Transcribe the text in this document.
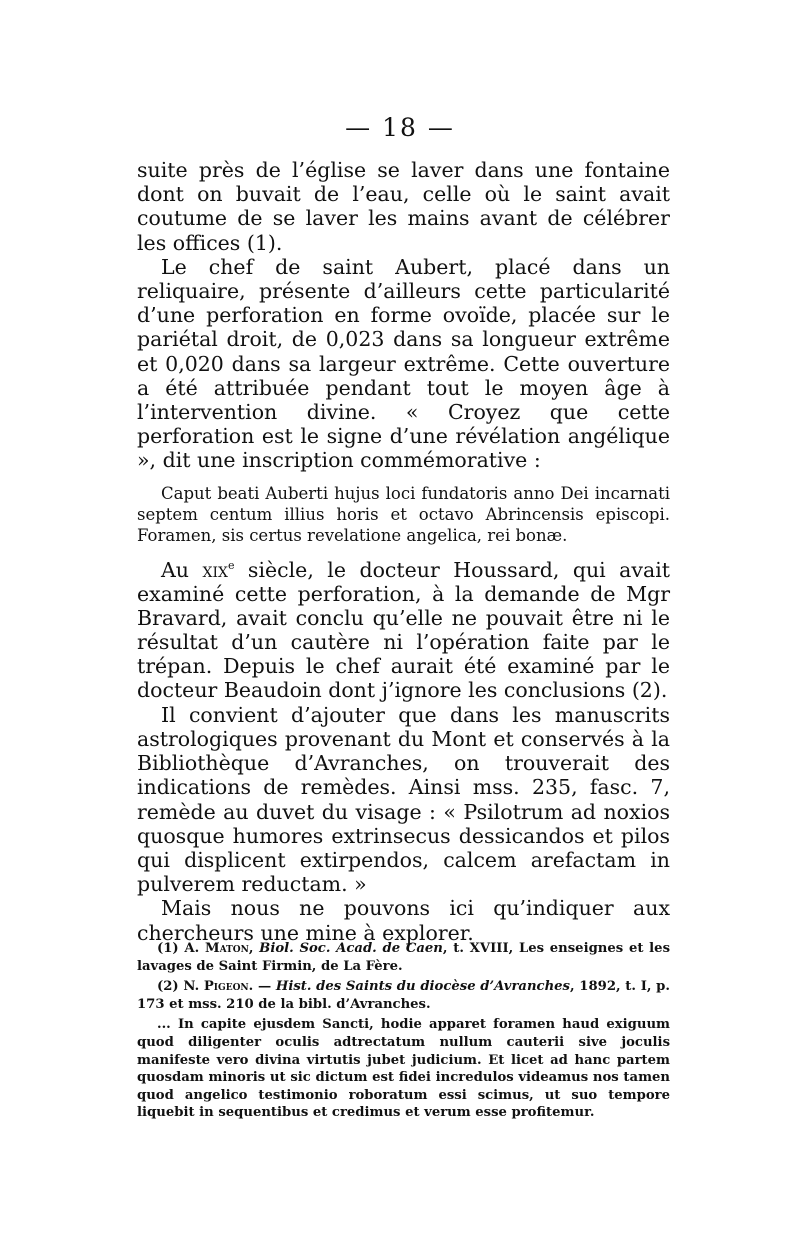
— 18 —

suite près de l’église se laver dans une fontaine dont on buvait de l’eau, celle où le saint avait coutume de se laver les mains avant de célébrer les offices (1).

Le chef de saint Aubert, placé dans un reliquaire, présente d’ailleurs cette particularité d’une perforation en forme ovoïde, placée sur le pariétal droit, de 0,023 dans sa longueur extrême et 0,020 dans sa largeur extrême. Cette ouverture a été attribuée pendant tout le moyen âge à l’intervention divine. « Croyez que cette perforation est le signe d’une révélation angélique », dit une inscription commémorative :

Caput beati Auberti hujus loci fundatoris anno Dei incarnati septem centum illius horis et octavo Abrincensis episcopi. Foramen, sis certus revelatione angelica, rei bonæ.

Au xix$^e$ siècle, le docteur Houssard, qui avait examiné cette perforation, à la demande de Mgr Bravard, avait conclu qu’elle ne pouvait être ni le résultat d’un cautère ni l’opération faite par le trépan. Depuis le chef aurait été examiné par le docteur Beaudoin dont j’ignore les conclusions (2).

Il convient d’ajouter que dans les manuscrits astrologiques provenant du Mont et conservés à la Bibliothèque d’Avranches, on trouverait des indications de remèdes. Ainsi mss. 235, fasc. 7, remède au duvet du visage : « Psilotrum ad noxios quosque humores extrinsecus dessicandos et pilos qui displicent extirpendos, calcem arefactam in pulverem reductam. »

Mais nous ne pouvons ici qu’indiquer aux chercheurs une mine à explorer.

(1) A. Maton, Biol. Soc. Acad. de Caen, t. XVIII, Les enseignes et les lavages de Saint Firmin, de La Fère.

(2) N. Pigeon. — Hist. des Saints du diocèse d’Avranches, 1892, t. I, p. 173 et mss. 210 de la bibl. d’Avranches.

... In capite ejusdem Sancti, hodie apparet foramen haud exiguum quod diligenter oculis adtrectatum nullum cauterii sive joculis manifeste vero divina virtutis jubet judicium. Et licet ad hanc partem quosdam minoris ut sic dictum est fidei incredulos videamus nos tamen quod angelico testimonio roboratum essi scimus, ut suo tempore liquebit in sequentibus et credimus et verum esse profitemur.
